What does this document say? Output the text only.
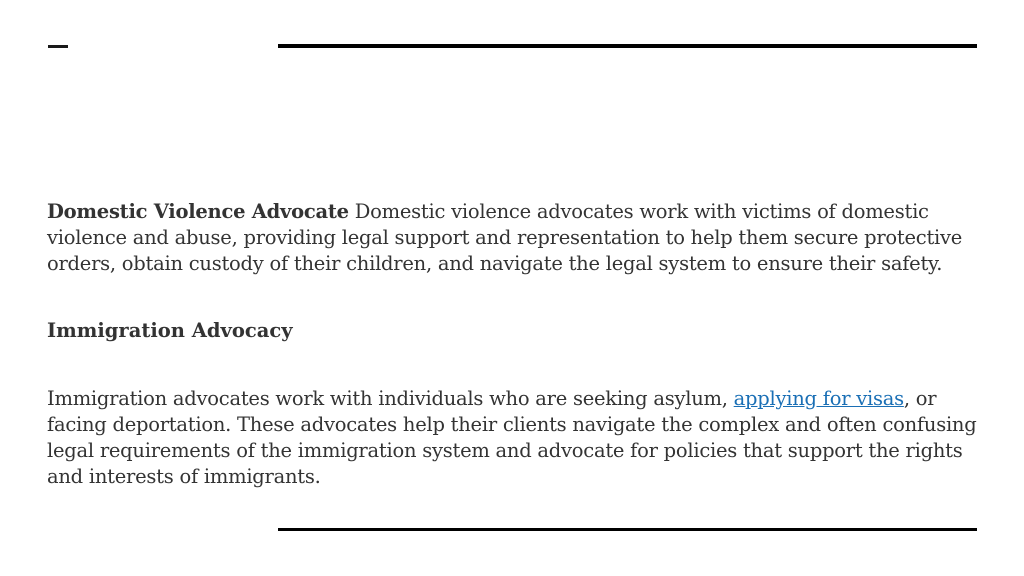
Domestic Violence Advocate Domestic violence advocates work with victims of domestic violence and abuse, providing legal support and representation to help them secure protective orders, obtain custody of their children, and navigate the legal system to ensure their safety.

Immigration Advocacy

Immigration advocates work with individuals who are seeking asylum, applying for visas, or facing deportation. These advocates help their clients navigate the complex and often confusing legal requirements of the immigration system and advocate for policies that support the rights and interests of immigrants.
